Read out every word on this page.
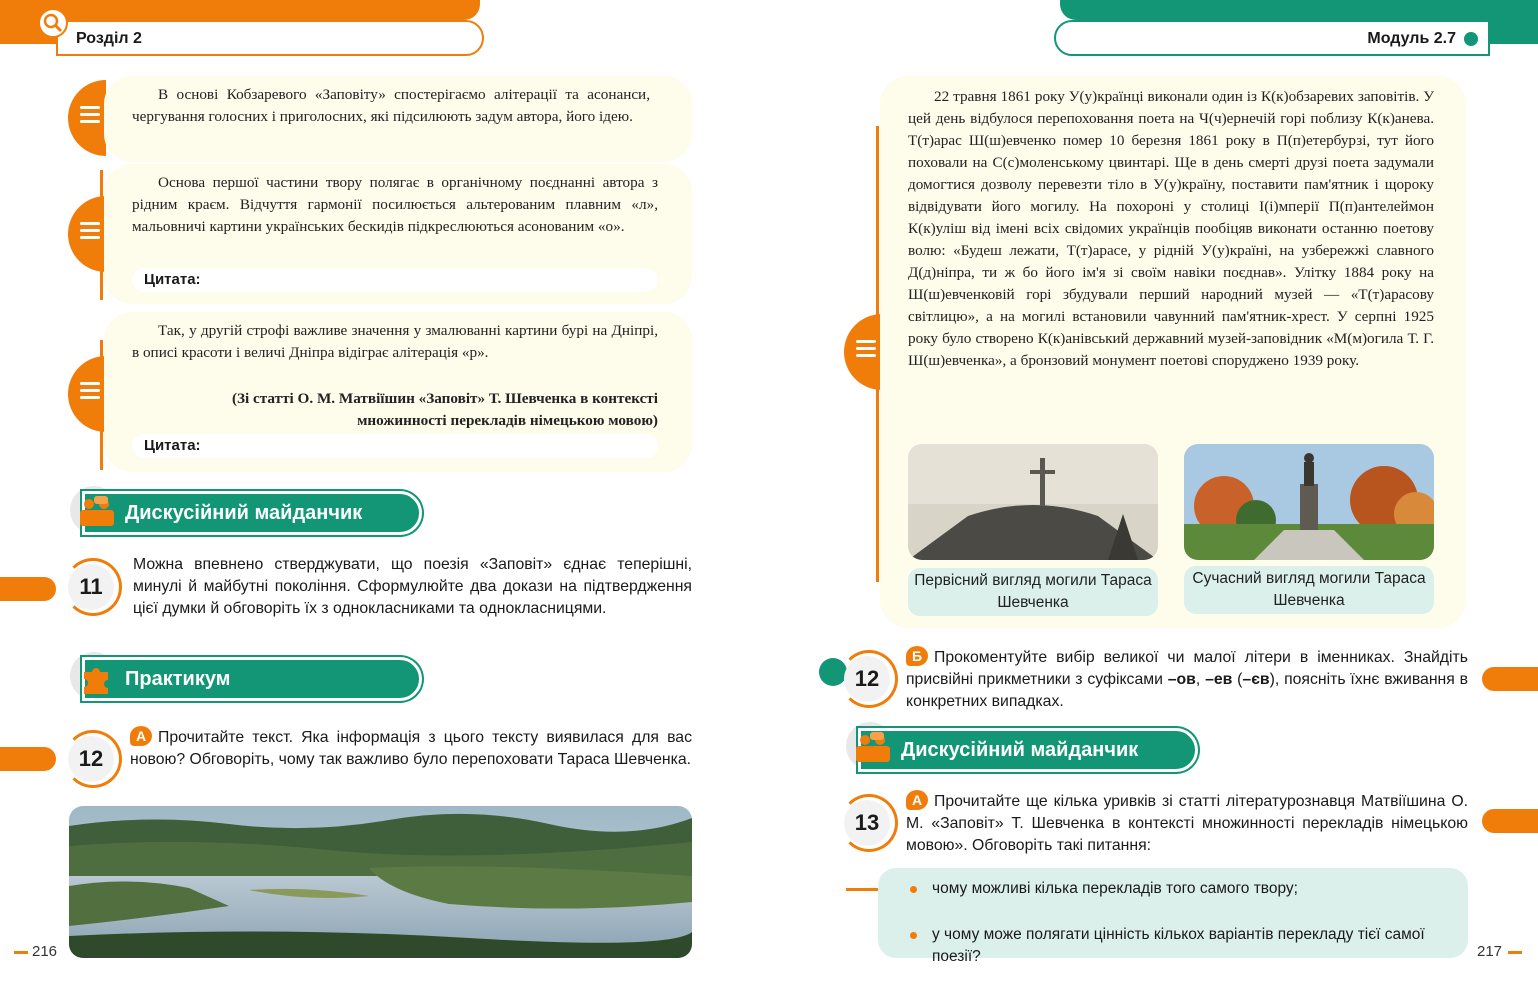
Розділ 2	Модуль 2.7

В основі Кобзаревого «Заповіту» спостерігаємо алітерації та асонанси, чергування голосних і приголосних, які підсилюють задум автора, його ідею.

Основа першої частини твору полягає в органічному поєднанні автора з рідним краєм. Відчуття гармонії посилюється альтерованим плавним «л», мальовничі картини українських бескидів підкреслюються асонованим «о».

Цитата:

Так, у другій строфі важливе значення у змалюванні картини бурі на Дніпрі, в описі красоти і величі Дніпра відіграє алітерація «р».

(Зі статті О. М. Матвіїшин «Заповіт» Т. Шевченка в контексті
множинності перекладів німецькою мовою)

Цитата:
Дискусійний майданчик
11

Можна впевнено стверджувати, що поезія «Заповіт» єднає теперішні, минулі й майбутні покоління. Сформулюйте два докази на підтвердження цієї думки й обговоріть їх з однокласниками та однокласницями.

Практикум
12

А Прочитайте текст. Яка інформація з цього тексту виявилася для вас новою? Обговоріть, чому так важливо було перепоховати Тараса Шевченка.

216

22 травня 1861 року У(у)країнці виконали один із К(к)обзаревих заповітів. У цей день відбулося перепоховання поета на Ч(ч)ернечій горі поблизу К(к)анева. Т(т)арас Ш(ш)евченко помер 10 березня 1861 року в П(п)етербурзі, тут його поховали на С(с)моленському цвинтарі. Ще в день смерті друзі поета задумали домогтися дозволу перевезти тіло в У(у)країну, поставити пам'ятник і щороку відвідувати його могилу. На похороні у столиці І(і)мперії П(п)антелеймон К(к)уліш від імені всіх свідомих українців пообіцяв виконати останню поетову волю: «Будеш лежати, Т(т)арасе, у рідній У(у)країні, на узбережжі славного Д(д)ніпра, ти ж бо його ім'я зі своїм навіки поєднав». Улітку 1884 року на Ш(ш)евченковій горі збудували перший народний музей — «Т(т)арасову світлицю», а на могилі встановили чавунний пам'ятник-хрест. У серпні 1925 року було створено К(к)анівський державний музей-заповідник «М(м)огила Т. Г. Ш(ш)евченка», а бронзовий монумент поетові споруджено 1939 року.

Первісний вигляд могили Тараса Шевченка
Сучасний вигляд могили Тараса Шевченка
12

Б Прокоментуйте вибір великої чи малої літери в іменниках. Знайдіть присвійні прикметники з суфіксами –ов, –ев (–єв), поясніть їхнє вживання в конкретних випадках.

Дискусійний майданчик
13

А Прочитайте ще кілька уривків зі статті літературознавця Матвіїшина О. М. «Заповіт» Т. Шевченка в контексті множинності перекладів німецькою мовою». Обговоріть такі питання:

чому можливі кілька перекладів того самого твору;
у чому може полягати цінність кількох варіантів перекладу тієї самої поезії?	217
